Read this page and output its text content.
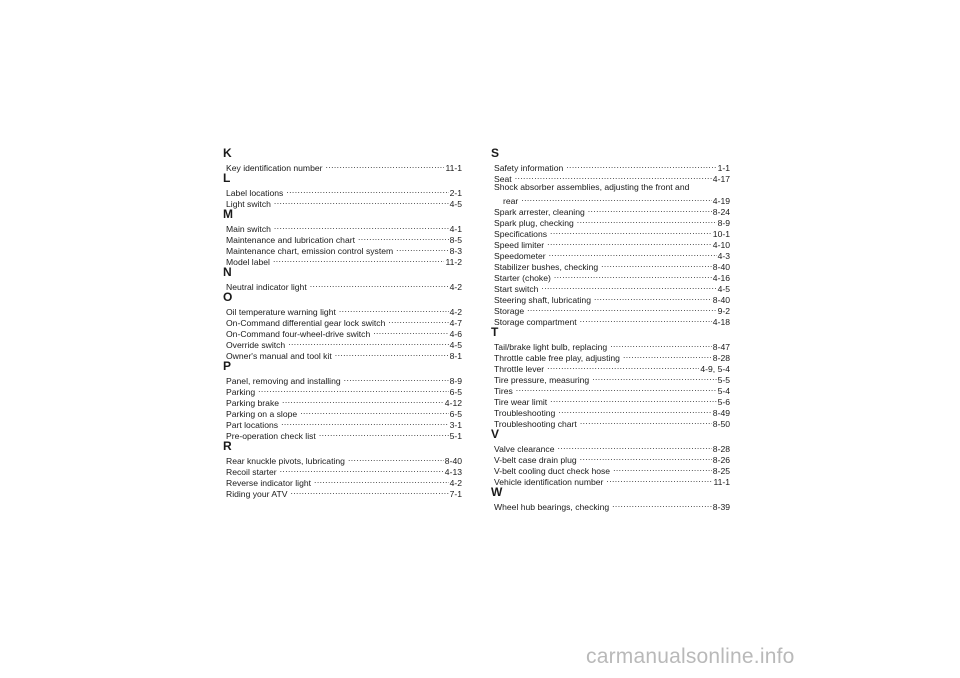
K
Key identification number .....	11-1
L
Label locations .....	2-1
Light switch .....	4-5
M
Main switch .....	4-1
Maintenance and lubrication chart .....	8-5
Maintenance chart, emission control system .....	8-3
Model label .....	11-2
N
Neutral indicator light .....	4-2
O
Oil temperature warning light .....	4-2
On-Command differential gear lock switch .....	4-7
On-Command four-wheel-drive switch .....	4-6
Override switch .....	4-5
Owner's manual and tool kit .....	8-1
P
Panel, removing and installing .....	8-9
Parking .....	6-5
Parking brake .....	4-12
Parking on a slope .....	6-5
Part locations .....	3-1
Pre-operation check list .....	5-1
R
Rear knuckle pivots, lubricating .....	8-40
Recoil starter .....	4-13
Reverse indicator light .....	4-2
Riding your ATV .....	7-1
S
Safety information .....	1-1
Seat .....	4-17
Shock absorber assemblies, adjusting the front and
rear .....	4-19
Spark arrester, cleaning .....	8-24
Spark plug, checking .....	8-9
Specifications .....	10-1
Speed limiter .....	4-10
Speedometer .....	4-3
Stabilizer bushes, checking .....	8-40
Starter (choke) .....	4-16
Start switch .....	4-5
Steering shaft, lubricating .....	8-40
Storage .....	9-2
Storage compartment .....	4-18
T
Tail/brake light bulb, replacing .....	8-47
Throttle cable free play, adjusting .....	8-28
Throttle lever .....	4-9, 5-4
Tire pressure, measuring .....	5-5
Tires .....	5-4
Tire wear limit .....	5-6
Troubleshooting .....	8-49
Troubleshooting chart .....	8-50
V
Valve clearance .....	8-28
V-belt case drain plug .....	8-26
V-belt cooling duct check hose .....	8-25
Vehicle identification number .....	11-1
W
Wheel hub bearings, checking .....	8-39
carmanualsonline.info
